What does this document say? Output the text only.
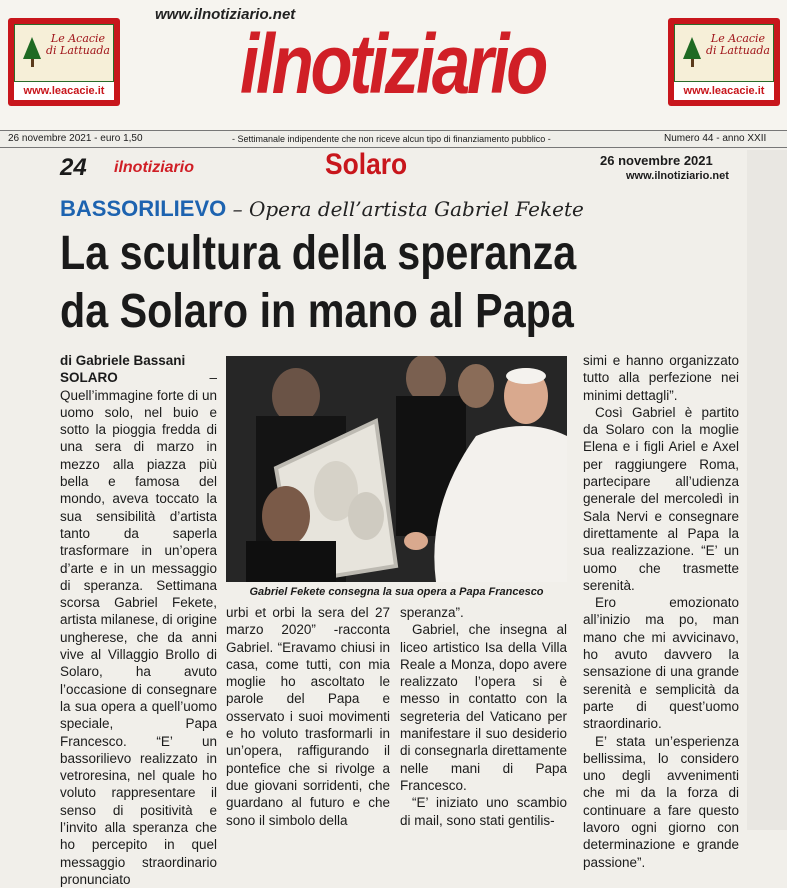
Le Acacie
di Lattuada
www.leacacie.it
www.ilnotiziario.net
ilnotiziario	Le Acacie
di Lattuada
www.leacacie.it
26 novembre 2021 - euro 1,50	- Settimanale indipendente che non riceve alcun tipo di finanziamento pubblico -	Numero 44 - anno XXII
24 ilnotiziario	Solaro	26 novembre 2021
www.ilnotiziario.net
BASSORILIEVO – Opera dell’artista Gabriel Fekete
La scultura della speranza
da Solaro in mano al Papa

di Gabriele Bassani

SOLARO – Quell’immagine forte di un uomo solo, nel buio e sotto la pioggia fredda di una sera di marzo in mezzo alla piazza più bella e famosa del mondo, aveva toccato la sua sensibilità d’artista tanto da saperla trasformare in un’opera d’arte e in un messaggio di speranza. Settimana scorsa Gabriel Fekete, artista milanese, di origine ungherese, che da anni vive al Villaggio Brollo di Solaro, ha avuto l’occasione di consegnare la sua opera a quell’uomo speciale, Papa Francesco. “E’ un bassorilievo realizzato in vetroresina, nel quale ho voluto rappresentare il senso di positività e l’invito alla speranza che ho percepito in quel messaggio straordinario pronunciato

Gabriel Fekete consegna la sua opera a Papa Francesco

urbi et orbi la sera del 27 marzo 2020” -racconta Gabriel. “Eravamo chiusi in casa, come tutti, con mia moglie ho ascoltato le parole del Papa e osservato i suoi movimenti e ho voluto trasformarli in un’opera, raffigurando il pontefice che si rivolge a due giovani sorridenti, che guardano al futuro e che sono il simbolo della

speranza”.

Gabriel, che insegna al liceo artistico Isa della Villa Reale a Monza, dopo avere realizzato l’opera si è messo in contatto con la segreteria del Vaticano per manifestare il suo desiderio di consegnarla direttamente nelle mani di Papa Francesco.

“E’ iniziato uno scambio di mail, sono stati gentilis-

simi e hanno organizzato tutto alla perfezione nei minimi dettagli”.

Così Gabriel è partito da Solaro con la moglie Elena e i figli Ariel e Axel per raggiungere Roma, partecipare all’udienza generale del mercoledì in Sala Nervi e consegnare direttamente al Papa la sua realizzazione. “E’ un uomo che trasmette serenità.

Ero emozionato all’inizio ma po, man mano che mi avvicinavo, ho avuto davvero la sensazione di una grande serenità e semplicità da parte di quest’uomo straordinario.

E’ stata un’esperienza bellissima, lo considero uno degli avvenimenti che mi da la forza di continuare a fare questo lavoro ogni giorno con determinazione e grande passione”.
